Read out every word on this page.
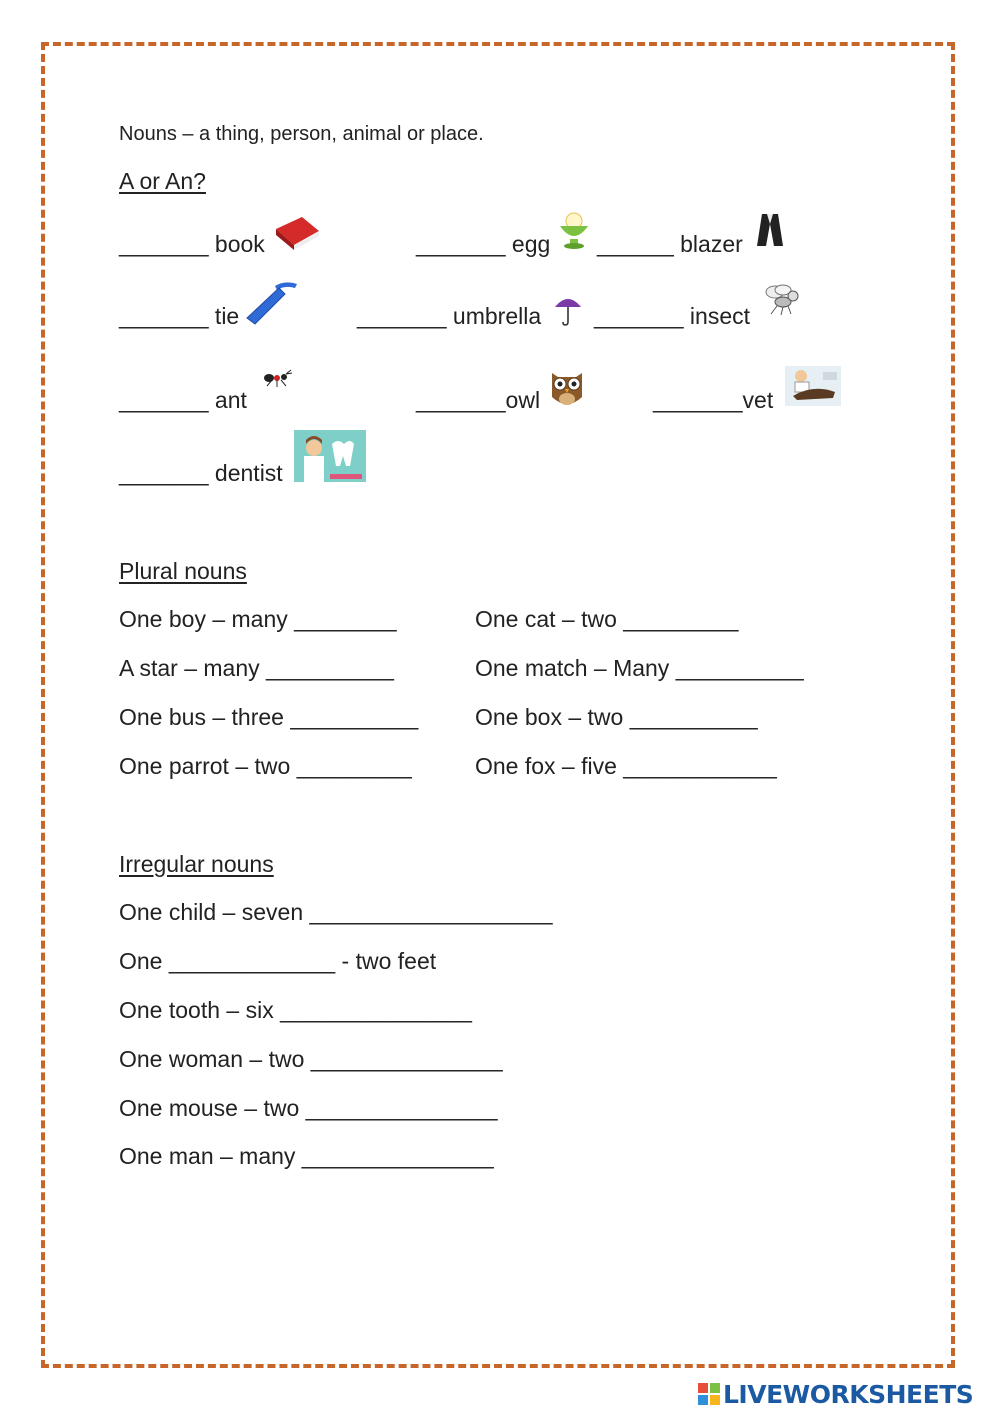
Nouns – a thing, person, animal or place.
A or An?
_______ book	_______ egg ______ blazer
_______ tie	_______ umbrella _______ insect
_______ ant	_______owl	_______vet
_______ dentist
Plural nouns
One boy – many ________	One cat – two _________
A star – many __________	One match – Many __________
One bus – three __________ One box – two __________
One parrot – two _________	One fox – five ____________
Irregular nouns
One child – seven ___________________
One _____________ - two feet
One tooth – six _______________
One woman – two _______________
One mouse – two _______________
One man – many _______________
LIVEWORKSHEETS
